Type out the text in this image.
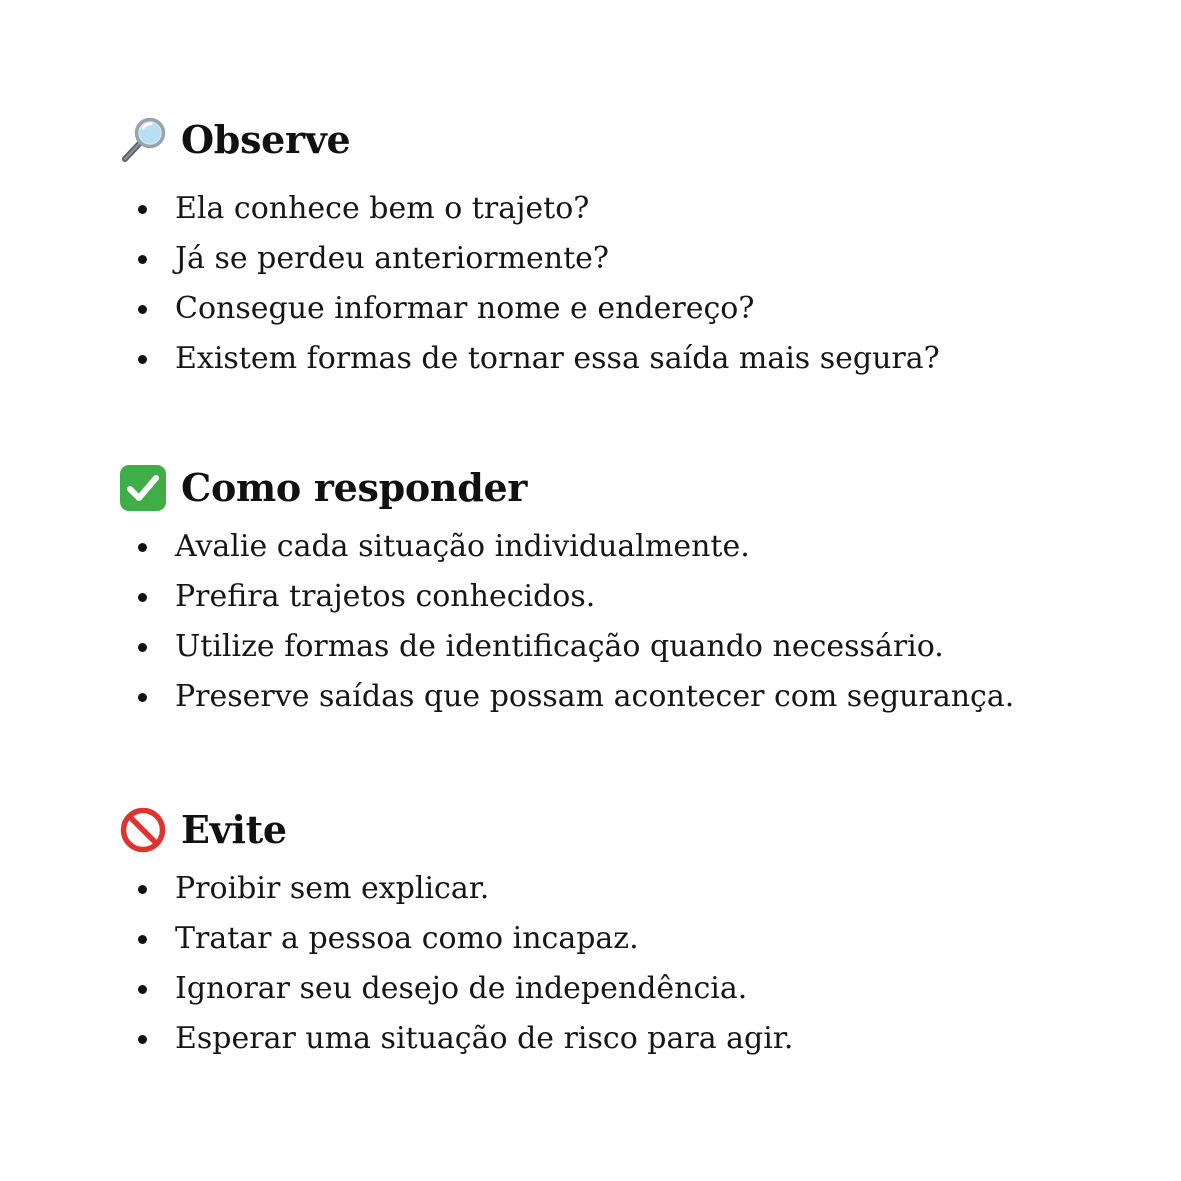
Observe
Ela conhece bem o trajeto?
Já se perdeu anteriormente?
Consegue informar nome e endereço?
Existem formas de tornar essa saída mais segura?
Como responder
Avalie cada situação individualmente.
Prefira trajetos conhecidos.
Utilize formas de identificação quando necessário.
Preserve saídas que possam acontecer com segurança.
Evite
Proibir sem explicar.
Tratar a pessoa como incapaz.
Ignorar seu desejo de independência.
Esperar uma situação de risco para agir.
